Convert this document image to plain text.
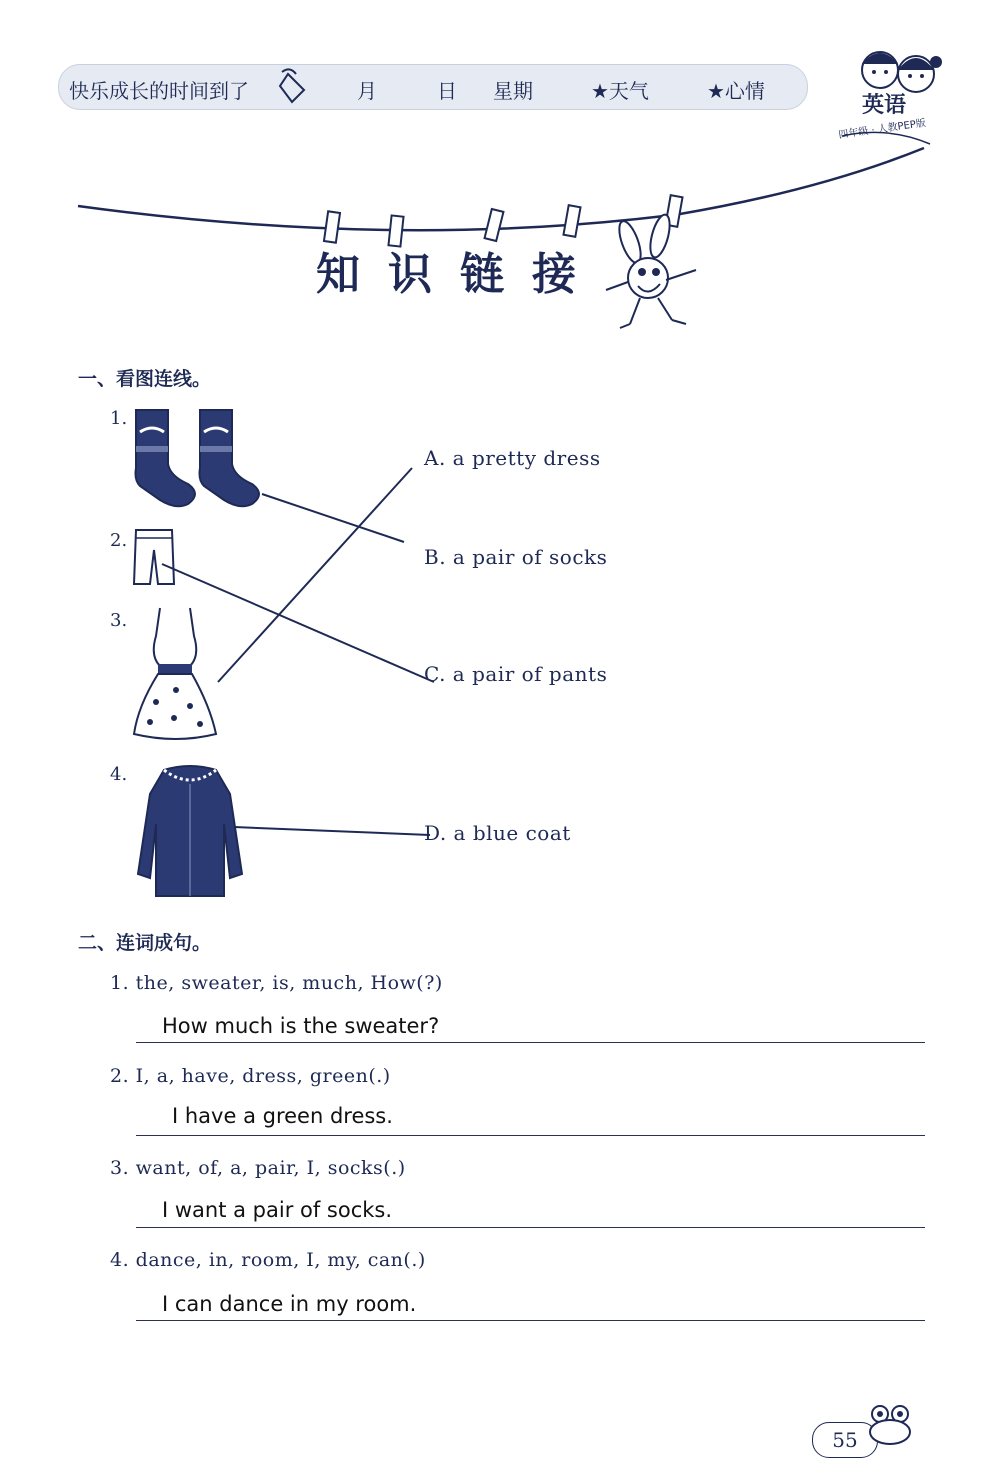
快乐成长的时间到了	月	日 星期	★天气	★心情
英语
四年级 · 人教PEP版
知识链接
一、看图连线。
1.
2.
3.
4.
A. a pretty dress
B. a pair of socks
C. a pair of pants
D. a blue coat
二、连词成句。
1. the, sweater, is, much, How(?)
How much is the sweater?
2. I, a, have, dress, green(.)
I have a green dress.
3. want, of, a, pair, I, socks(.)
I want a pair of socks.
4. dance, in, room, I, my, can(.)
I can dance in my room.
55
